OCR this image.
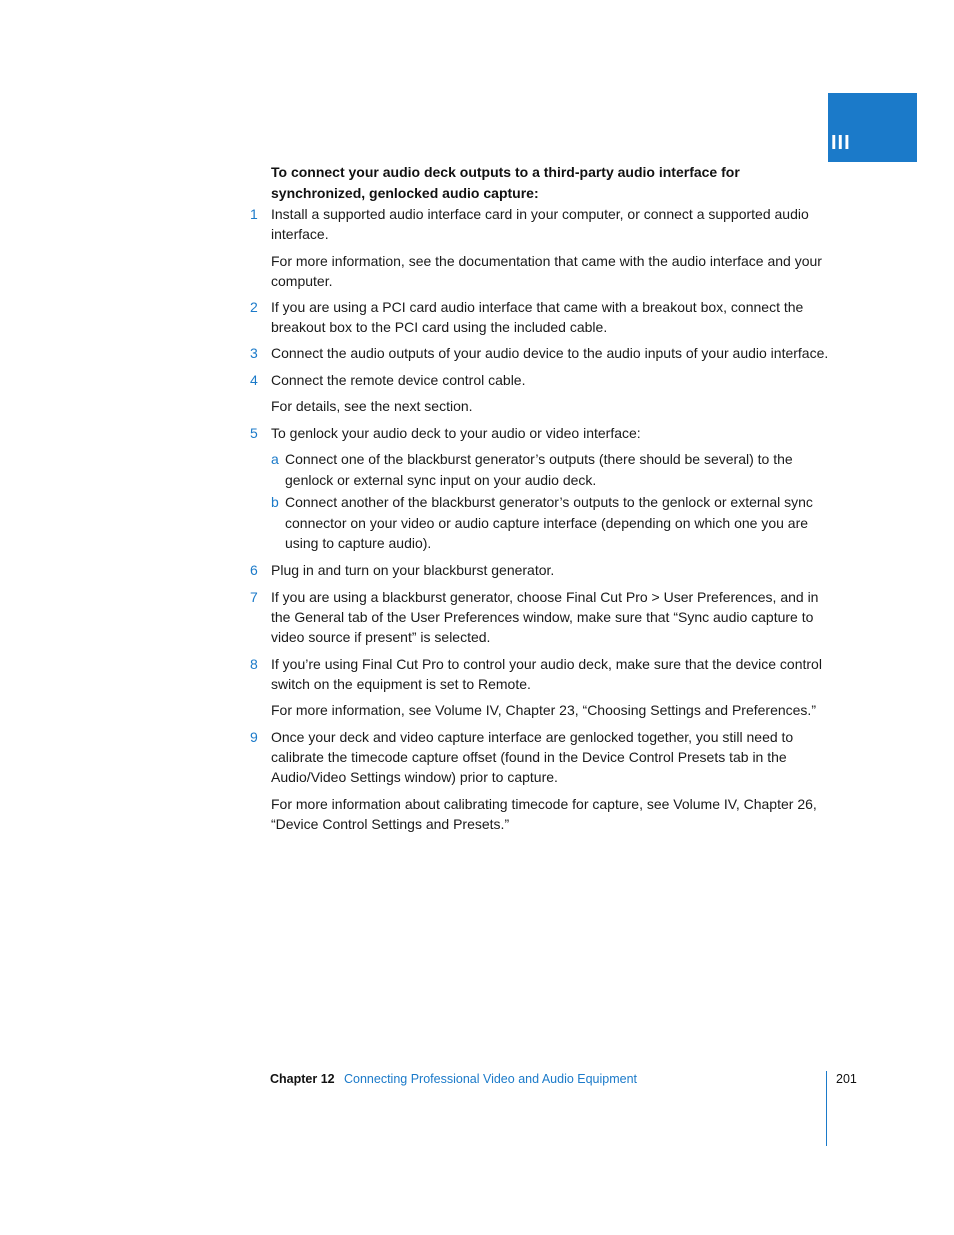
III

To connect your audio deck outputs to a third-party audio interface for synchronized, genlocked audio capture:

1 Install a supported audio interface card in your computer, or connect a supported audio interface.

For more information, see the documentation that came with the audio interface and your computer.

2 If you are using a PCI card audio interface that came with a breakout box, connect the breakout box to the PCI card using the included cable.

3 Connect the audio outputs of your audio device to the audio inputs of your audio interface.

4 Connect the remote device control cable.

For details, see the next section.

5 To genlock your audio deck to your audio or video interface:

a Connect one of the blackburst generator’s outputs (there should be several) to the genlock or external sync input on your audio deck.

b Connect another of the blackburst generator’s outputs to the genlock or external sync connector on your video or audio capture interface (depending on which one you are using to capture audio).

6 Plug in and turn on your blackburst generator.

7 If you are using a blackburst generator, choose Final Cut Pro > User Preferences, and in the General tab of the User Preferences window, make sure that “Sync audio capture to video source if present” is selected.

8 If you’re using Final Cut Pro to control your audio deck, make sure that the device control switch on the equipment is set to Remote.

For more information, see Volume IV, Chapter 23, “Choosing Settings and Preferences.”

9 Once your deck and video capture interface are genlocked together, you still need to calibrate the timecode capture offset (found in the Device Control Presets tab in the Audio/Video Settings window) prior to capture.

For more information about calibrating timecode for capture, see Volume IV, Chapter 26, “Device Control Settings and Presets.”

Chapter 12 Connecting Professional Video and Audio Equipment	201
